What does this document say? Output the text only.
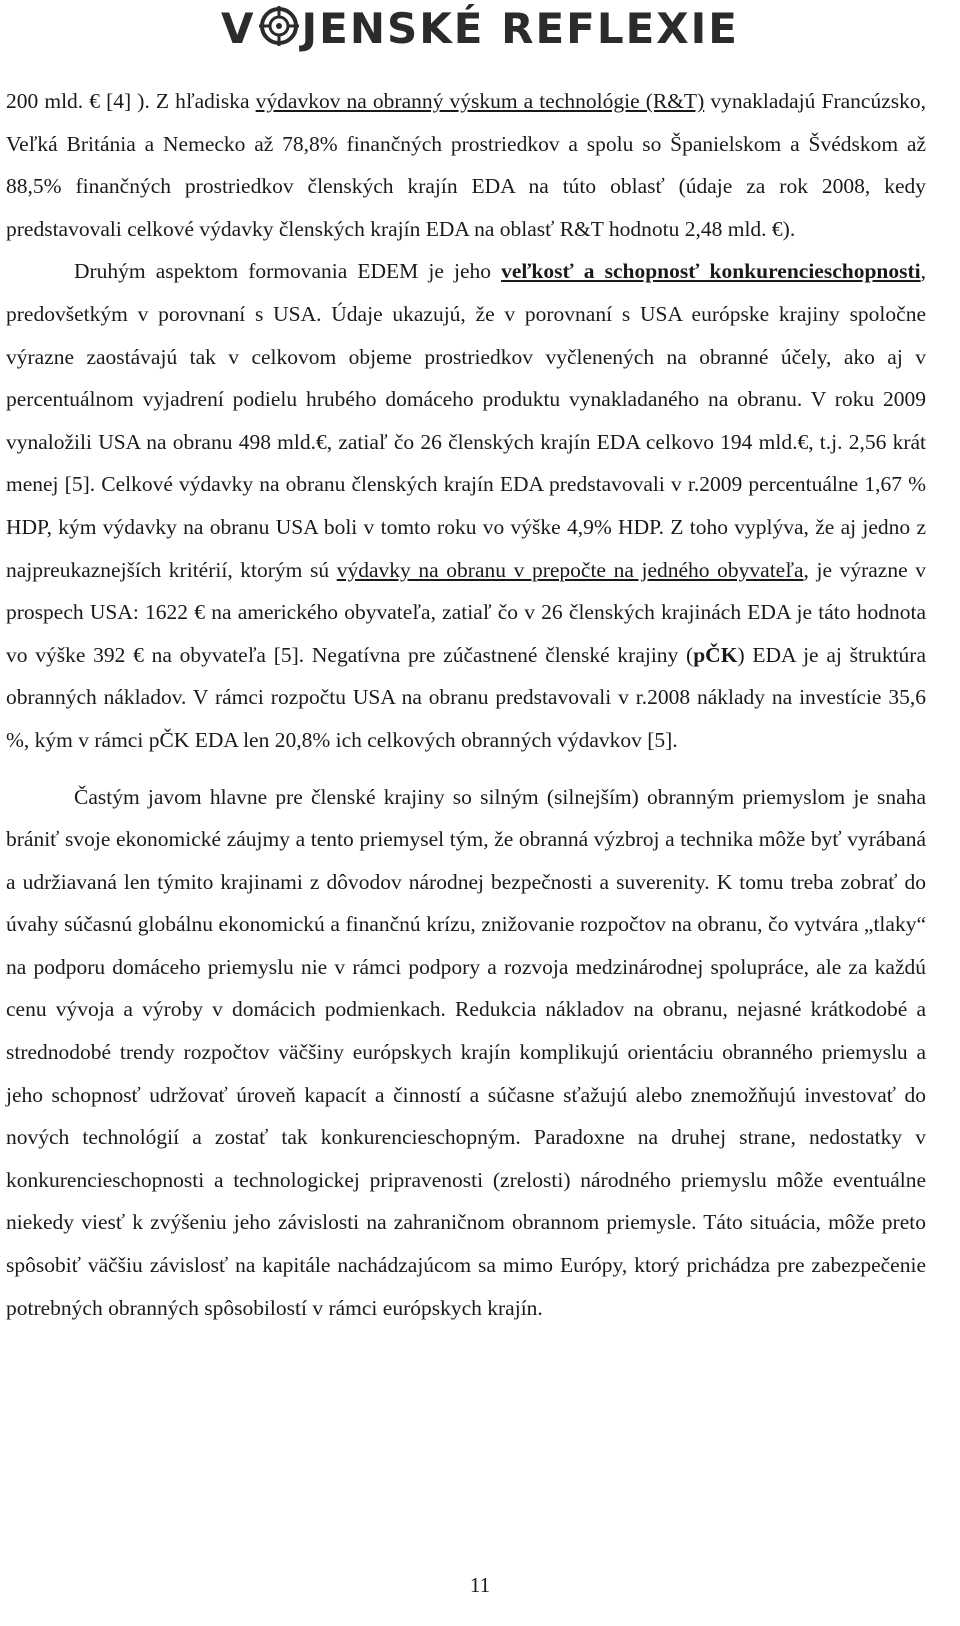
V JENSKÉ REFLEXIE

200 mld. € [4] ). Z hľadiska výdavkov na obranný výskum a technológie (R&T) vynakladajú Francúzsko, Veľká Británia a Nemecko až 78,8% finančných prostriedkov a spolu so Španielskom a Švédskom až 88,5% finančných prostriedkov členských krajín EDA na túto oblasť (údaje za rok 2008, kedy predstavovali celkové výdavky členských krajín EDA na oblasť R&T hodnotu 2,48 mld. €).

Druhým aspektom formovania EDEM je jeho veľkosť a schopnosť konkurencieschopnosti, predovšetkým v porovnaní s USA. Údaje ukazujú, že v porovnaní s USA európske krajiny spoločne výrazne zaostávajú tak v celkovom objeme prostriedkov vyčlenených na obranné účely, ako aj v percentuálnom vyjadrení podielu hrubého domáceho produktu vynakladaného na obranu. V roku 2009 vynaložili USA na obranu 498 mld.€, zatiaľ čo 26 členských krajín EDA celkovo 194 mld.€, t.j. 2,56 krát menej [5]. Celkové výdavky na obranu členských krajín EDA predstavovali v r.2009 percentuálne 1,67 % HDP, kým výdavky na obranu USA boli v tomto roku vo výške 4,9% HDP. Z toho vyplýva, že aj jedno z najpreukaznejších kritérií, ktorým sú výdavky na obranu v prepočte na jedného obyvateľa, je výrazne v prospech USA: 1622 € na amerického obyvateľa, zatiaľ čo v 26 členských krajinách EDA je táto hodnota vo výške 392 € na obyvateľa [5]. Negatívna pre zúčastnené členské krajiny (pČK) EDA je aj štruktúra obranných nákladov. V rámci rozpočtu USA na obranu predstavovali v r.2008 náklady na investície 35,6 %, kým v rámci pČK EDA len 20,8% ich celkových obranných výdavkov [5].

Častým javom hlavne pre členské krajiny so silným (silnejším) obranným priemyslom je snaha brániť svoje ekonomické záujmy a tento priemysel tým, že obranná výzbroj a technika môže byť vyrábaná a udržiavaná len týmito krajinami z dôvodov národnej bezpečnosti a suverenity. K tomu treba zobrať do úvahy súčasnú globálnu ekonomickú a finančnú krízu, znižovanie rozpočtov na obranu, čo vytvára „tlaky“ na podporu domáceho priemyslu nie v rámci podpory a rozvoja medzinárodnej spolupráce, ale za každú cenu vývoja a výroby v domácich podmienkach. Redukcia nákladov na obranu, nejasné krátkodobé a strednodobé trendy rozpočtov väčšiny európskych krajín komplikujú orientáciu obranného priemyslu a jeho schopnosť udržovať úroveň kapacít a činností a súčasne sťažujú alebo znemožňujú investovať do nových technológií a zostať tak konkurencieschopným. Paradoxne na druhej strane, nedostatky v konkurencieschopnosti a technologickej pripravenosti (zrelosti) národného priemyslu môže eventuálne niekedy viesť k zvýšeniu jeho závislosti na zahraničnom obrannom priemysle. Táto situácia, môže preto spôsobiť väčšiu závislosť na kapitále nachádzajúcom sa mimo Európy, ktorý prichádza pre zabezpečenie potrebných obranných spôsobilostí v rámci európskych krajín.

11
